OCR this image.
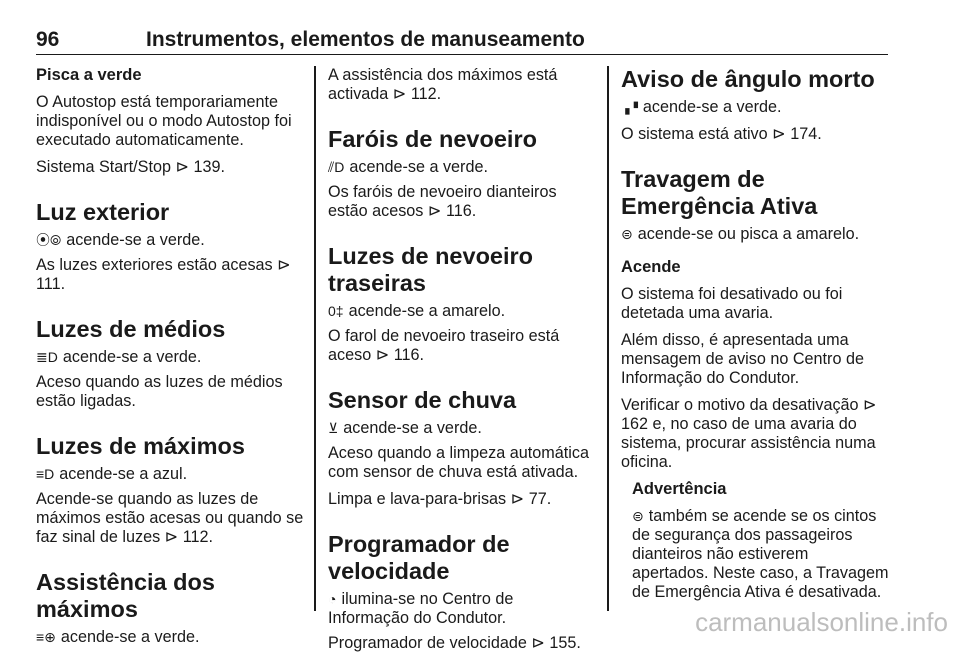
96	Instrumentos, elementos de manuseamento
Pisca a verde

O Autostop está temporariamente indisponível ou o modo Autostop foi executado automaticamente.

Sistema Start/Stop ⊳ 139.

Luz exterior

⦿⦾ acende-se a verde.

As luzes exteriores estão acesas ⊳ 111.

Luzes de médios

≣D acende-se a verde.

Aceso quando as luzes de médios estão ligadas.

Luzes de máximos

≡D acende-se a azul.

Acende-se quando as luzes de máximos estão acesas ou quando se faz sinal de luzes ⊳ 112.

Assistência dos máximos

≡⊕ acende-se a verde.

A assistência dos máximos está activada ⊳ 112.

Faróis de nevoeiro

⫽D acende-se a verde.

Os faróis de nevoeiro dianteiros estão acesos ⊳ 116.

Luzes de nevoeiro traseiras

0‡ acende-se a amarelo.

O farol de nevoeiro traseiro está aceso ⊳ 116.

Sensor de chuva

⊻ acende-se a verde.

Aceso quando a limpeza automática com sensor de chuva está ativada.

Limpa e lava-para-brisas ⊳ 77.

Programador de velocidade

◔ ilumina-se no Centro de Informação do Condutor.

Programador de velocidade ⊳ 155.

Aviso de ângulo morto

▗▝ acende-se a verde.

O sistema está ativo ⊳ 174.

Travagem de Emergência Ativa

⊜ acende-se ou pisca a amarelo.

Acende

O sistema foi desativado ou foi detetada uma avaria.

Além disso, é apresentada uma mensagem de aviso no Centro de Informação do Condutor.

Verificar o motivo da desativação ⊳ 162 e, no caso de uma avaria do sistema, procurar assistência numa oficina.

Advertência

⊜ também se acende se os cintos de segurança dos passageiros dianteiros não estiverem apertados. Neste caso, a Travagem de Emergência Ativa é desativada.

carmanualsonline.info
